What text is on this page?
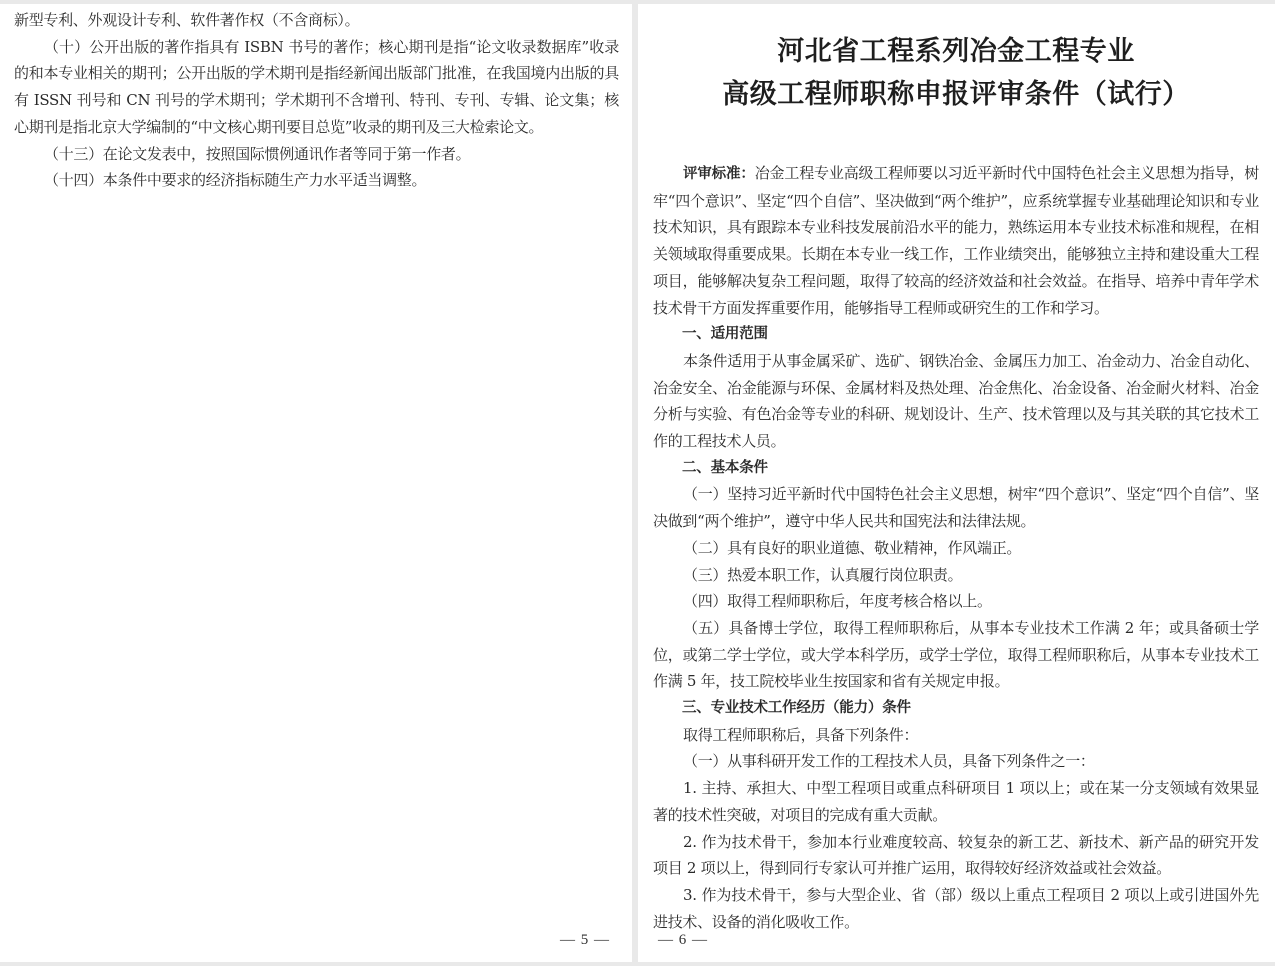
新型专利、外观设计专利、软件著作权（不含商标）。

（十）公开出版的著作指具有 ISBN 书号的著作；核心期刊是指“论文收录数据库”收录的和本专业相关的期刊；公开出版的学术期刊是指经新闻出版部门批准，在我国境内出版的具有 ISSN 刊号和 CN 刊号的学术期刊；学术期刊不含增刊、特刊、专刊、专辑、论文集；核心期刊是指北京大学编制的“中文核心期刊要目总览”收录的期刊及三大检索论文。

（十三）在论文发表中，按照国际惯例通讯作者等同于第一作者。

（十四）本条件中要求的经济指标随生产力水平适当调整。

— 5 —
河北省工程系列冶金工程专业
高级工程师职称申报评审条件（试行）

评审标准：冶金工程专业高级工程师要以习近平新时代中国特色社会主义思想为指导，树牢“四个意识”、坚定“四个自信”、坚决做到“两个维护”，应系统掌握专业基础理论知识和专业技术知识，具有跟踪本专业科技发展前沿水平的能力，熟练运用本专业技术标准和规程，在相关领域取得重要成果。长期在本专业一线工作，工作业绩突出，能够独立主持和建设重大工程项目，能够解决复杂工程问题，取得了较高的经济效益和社会效益。在指导、培养中青年学术技术骨干方面发挥重要作用，能够指导工程师或研究生的工作和学习。

一、适用范围

本条件适用于从事金属采矿、选矿、钢铁冶金、金属压力加工、冶金动力、冶金自动化、冶金安全、冶金能源与环保、金属材料及热处理、冶金焦化、冶金设备、冶金耐火材料、冶金分析与实验、有色冶金等专业的科研、规划设计、生产、技术管理以及与其关联的其它技术工作的工程技术人员。

二、基本条件

（一）坚持习近平新时代中国特色社会主义思想，树牢“四个意识”、坚定“四个自信”、坚决做到“两个维护”，遵守中华人民共和国宪法和法律法规。

（二）具有良好的职业道德、敬业精神，作风端正。

（三）热爱本职工作，认真履行岗位职责。

（四）取得工程师职称后，年度考核合格以上。

（五）具备博士学位，取得工程师职称后，从事本专业技术工作满 2 年；或具备硕士学位，或第二学士学位，或大学本科学历，或学士学位，取得工程师职称后，从事本专业技术工作满 5 年，技工院校毕业生按国家和省有关规定申报。

三、专业技术工作经历（能力）条件

取得工程师职称后，具备下列条件：

（一）从事科研开发工作的工程技术人员，具备下列条件之一：

1. 主持、承担大、中型工程项目或重点科研项目 1 项以上；或在某一分支领域有效果显著的技术性突破，对项目的完成有重大贡献。

2. 作为技术骨干，参加本行业难度较高、较复杂的新工艺、新技术、新产品的研究开发项目 2 项以上，得到同行专家认可并推广运用，取得较好经济效益或社会效益。

3. 作为技术骨干，参与大型企业、省（部）级以上重点工程项目 2 项以上或引进国外先进技术、设备的消化吸收工作。

— 6 —
